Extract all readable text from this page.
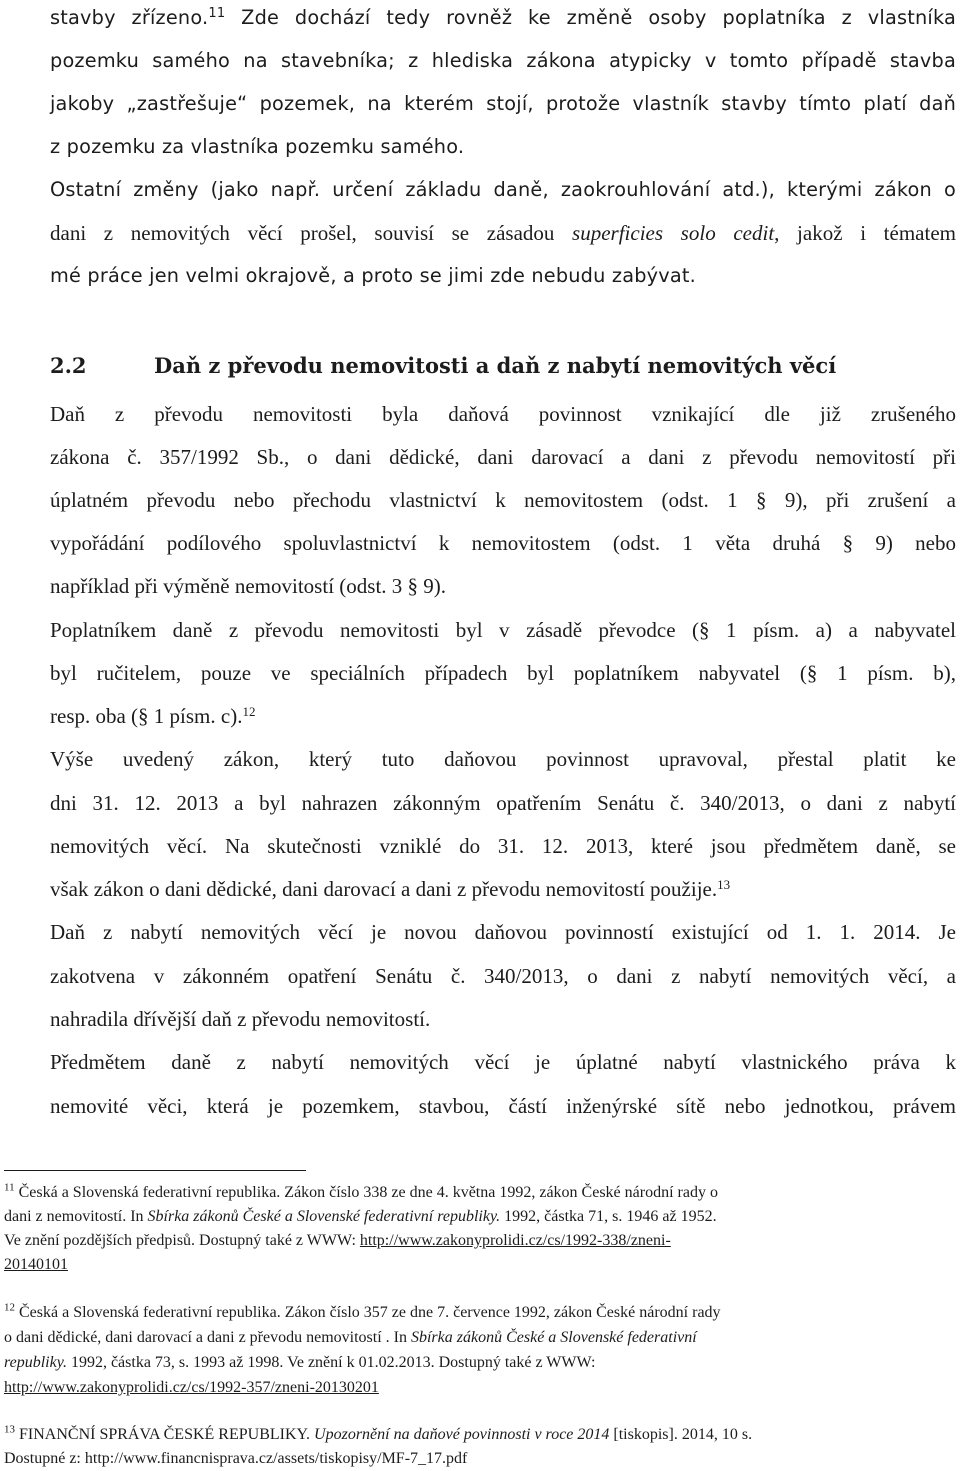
stavby zřízeno.$^{11}$ Zde dochází tedy rovněž ke změně osoby poplatníka z vlastníka
pozemku samého na stavebníka; z hlediska zákona atypicky v tomto případě stavba
jakoby „zastřešuje“ pozemek, na kterém stojí, protože vlastník stavby tímto platí daň
z pozemku za vlastníka pozemku samého.
Ostatní změny (jako např. určení základu daně, zaokrouhlování atd.), kterými zákon o
dani z nemovitých věcí prošel, souvisí se zásadou superficies solo cedit, jakož i tématem
mé práce jen velmi okrajově, a proto se jimi zde nebudu zabývat.
2.2	Daň z převodu nemovitosti a daň z nabytí nemovitých věcí
Daň z převodu nemovitosti byla daňová povinnost vznikající dle již zrušeného
zákona č. 357/1992 Sb., o dani dědické, dani darovací a dani z převodu nemovitostí při
úplatném převodu nebo přechodu vlastnictví k nemovitostem (odst. 1 § 9), při zrušení a
vypořádání podílového spoluvlastnictví k nemovitostem (odst. 1 věta druhá § 9) nebo
například při výměně nemovitostí (odst. 3 § 9).
Poplatníkem daně z převodu nemovitosti byl v zásadě převodce (§ 1 písm. a) a nabyvatel
byl ručitelem, pouze ve speciálních případech byl poplatníkem nabyvatel (§ 1 písm. b),
resp. oba (§ 1 písm. c).$^{12}$
Výše uvedený zákon, který tuto daňovou povinnost upravoval, přestal platit ke
dni 31. 12. 2013 a byl nahrazen zákonným opatřením Senátu č. 340/2013, o dani z nabytí
nemovitých věcí. Na skutečnosti vzniklé do 31. 12. 2013, které jsou předmětem daně, se
však zákon o dani dědické, dani darovací a dani z převodu nemovitostí použije.$^{13}$
Daň z nabytí nemovitých věcí je novou daňovou povinností existující od 1. 1. 2014. Je
zakotvena v zákonném opatření Senátu č. 340/2013, o dani z nabytí nemovitých věcí, a
nahradila dřívější daň z převodu nemovitostí.
Předmětem daně z nabytí nemovitých věcí je úplatné nabytí vlastnického práva k
nemovité věci, která je pozemkem, stavbou, částí inženýrské sítě nebo jednotkou, právem
$^{11}$ Česká a Slovenská federativní republika. Zákon číslo 338 ze dne 4. května 1992, zákon České národní rady o
dani z nemovitostí. In Sbírka zákonů České a Slovenské federativní republiky. 1992, částka 71, s. 1946 až 1952.
Ve znění pozdějších předpisů. Dostupný také z WWW: http://www.zakonyprolidi.cz/cs/1992-338/zneni-
20140101
$^{12}$ Česká a Slovenská federativní republika. Zákon číslo 357 ze dne 7. července 1992, zákon České národní rady
o dani dědické, dani darovací a dani z převodu nemovitostí . In Sbírka zákonů České a Slovenské federativní
republiky. 1992, částka 73, s. 1993 až 1998. Ve znění k 01.02.2013. Dostupný také z WWW:
http://www.zakonyprolidi.cz/cs/1992-357/zneni-20130201
$^{13}$ FINANČNÍ SPRÁVA ČESKÉ REPUBLIKY. Upozornění na daňové povinnosti v roce 2014 [tiskopis]. 2014, 10 s.
Dostupné z: http://www.financnisprava.cz/assets/tiskopisy/MF-7_17.pdf
